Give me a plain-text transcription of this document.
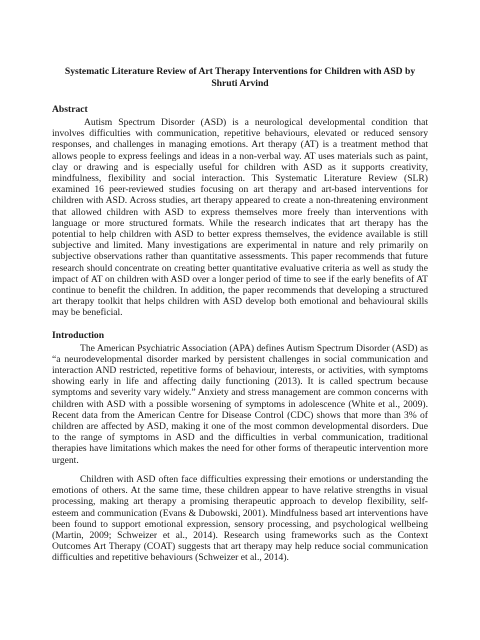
Systematic Literature Review of Art Therapy Interventions for Children with ASD by
Shruti Arvind
Abstract

Autism Spectrum Disorder (ASD) is a neurological developmental condition that involves difficulties with communication, repetitive behaviours, elevated or reduced sensory responses, and challenges in managing emotions. Art therapy (AT) is a treatment method that allows people to express feelings and ideas in a non-verbal way. AT uses materials such as paint, clay or drawing and is especially useful for children with ASD as it supports creativity, mindfulness, flexibility and social interaction. This Systematic Literature Review (SLR) examined 16 peer-reviewed studies focusing on art therapy and art-based interventions for children with ASD. Across studies, art therapy appeared to create a non-threatening environment that allowed children with ASD to express themselves more freely than interventions with language or more structured formats. While the research indicates that art therapy has the potential to help children with ASD to better express themselves, the evidence available is still subjective and limited. Many investigations are experimental in nature and rely primarily on subjective observations rather than quantitative assessments. This paper recommends that future research should concentrate on creating better quantitative evaluative criteria as well as study the impact of AT on children with ASD over a longer period of time to see if the early benefits of AT continue to benefit the children. In addition, the paper recommends that developing a structured art therapy toolkit that helps children with ASD develop both emotional and behavioural skills may be beneficial.

Introduction

The American Psychiatric Association (APA) defines Autism Spectrum Disorder (ASD) as “a neurodevelopmental disorder marked by persistent challenges in social communication and interaction AND restricted, repetitive forms of behaviour, interests, or activities, with symptoms showing early in life and affecting daily functioning (2013). It is called spectrum because symptoms and severity vary widely.” Anxiety and stress management are common concerns with children with ASD with a possible worsening of symptoms in adolescence (White et al., 2009). Recent data from the American Centre for Disease Control (CDC) shows that more than 3% of children are affected by ASD, making it one of the most common developmental disorders. Due to the range of symptoms in ASD and the difficulties in verbal communication, traditional therapies have limitations which makes the need for other forms of therapeutic intervention more urgent.

Children with ASD often face difficulties expressing their emotions or understanding the emotions of others. At the same time, these children appear to have relative strengths in visual processing, making art therapy a promising therapeutic approach to develop flexibility, self-esteem and communication (Evans & Dubowski, 2001). Mindfulness based art interventions have been found to support emotional expression, sensory processing, and psychological wellbeing (Martin, 2009; Schweizer et al., 2014). Research using frameworks such as the Context Outcomes Art Therapy (COAT) suggests that art therapy may help reduce social communication difficulties and repetitive behaviours (Schweizer et al., 2014).
